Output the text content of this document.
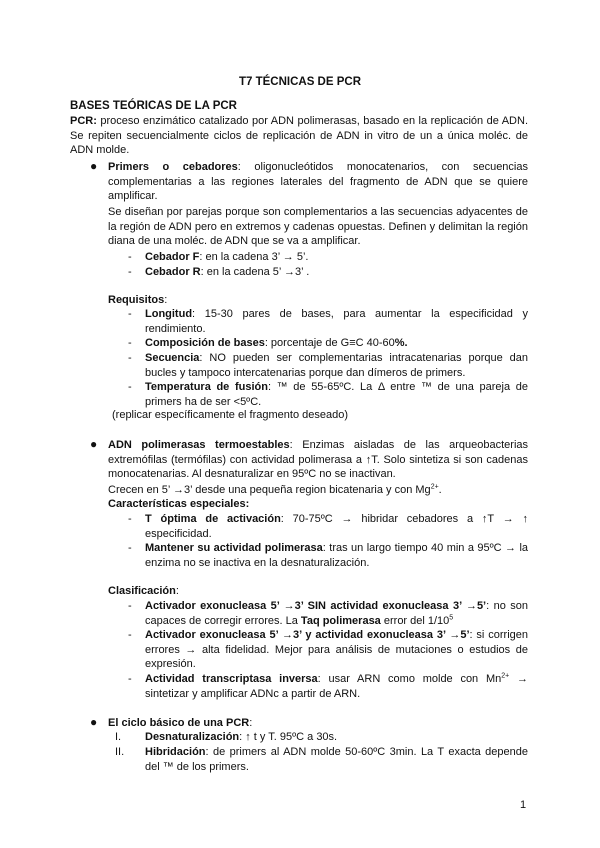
T7 TÉCNICAS DE PCR
BASES TEÓRICAS DE LA PCR
PCR: proceso enzimático catalizado por ADN polimerasas, basado en la replicación de ADN. Se repiten secuencialmente ciclos de replicación de ADN in vitro de un a única moléc. de ADN molde.
● Primers o cebadores: oligonucleótidos monocatenarios, con secuencias complementarias a las regiones laterales del fragmento de ADN que se quiere amplificar.
Se diseñan por parejas porque son complementarios a las secuencias adyacentes de la región de ADN pero en extremos y cadenas opuestas. Definen y delimitan la región diana de una moléc. de ADN que se va a amplificar.
- Cebador F: en la cadena 3’ → 5’.
- Cebador R: en la cadena 5’ →3’ .
Requisitos:
- Longitud: 15-30 pares de bases, para aumentar la especificidad y rendimiento.
- Composición de bases: porcentaje de G≡C 40-60%.
- Secuencia: NO pueden ser complementarias intracatenarias porque dan bucles y tampoco intercatenarias porque dan dímeros de primers.
- Temperatura de fusión: ™ de 55-65ºC. La Δ entre ™ de una pareja de primers ha de ser <5ºC.
(replicar específicamente el fragmento deseado)
● ADN polimerasas termoestables: Enzimas aisladas de las arqueobacterias extremófilas (termófilas) con actividad polimerasa a ↑T. Solo sintetiza si son cadenas monocatenarias. Al desnaturalizar en 95ºC no se inactivan.
Crecen en 5’ →3’ desde una pequeña region bicatenaria y con $Mg^{2+}$.
Características especiales:
- T óptima de activación: 70-75ºC → hibridar cebadores a ↑T → ↑ especificidad.
- Mantener su actividad polimerasa: tras un largo tiempo 40 min a 95ºC → la enzima no se inactiva en la desnaturalización.
Clasificación:
- Activador exonucleasa 5’ →3’ SIN actividad exonucleasa 3’ →5’: no son capaces de corregir errores. La Taq polimerasa error del $1/10^5$
- Activador exonucleasa 5’ →3’ y actividad exonucleasa 3’ →5’: si corrigen errores → alta fidelidad. Mejor para análisis de mutaciones o estudios de expresión.
- Actividad transcriptasa inversa: usar ARN como molde con $Mn^{2+}$ → sintetizar y amplificar ADNc a partir de ARN.
● El ciclo básico de una PCR:
I. Desnaturalización: ↑ t y T. 95ºC a 30s.
II. Hibridación: de primers al ADN molde 50-60ºC 3min. La T exacta depende del ™ de los primers.
1
